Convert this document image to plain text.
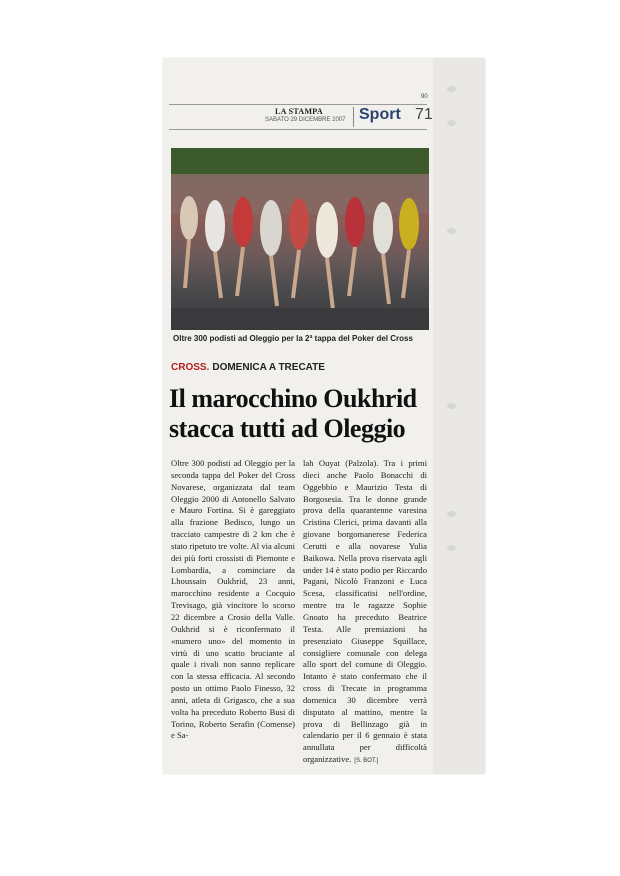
90
LA STAMPA
SABATO 29 DICEMBRE 2007 Sport 71
Oltre 300 podisti ad Oleggio per la 2ª tappa del Poker del Cross
CROSS. DOMENICA A TRECATE
Il marocchino Oukhrid
stacca tutti ad Oleggio
Oltre 300 podisti ad Oleggio per la seconda tappa del Poker del Cross Novarese, organizzata dal team Oleggio 2000 di Antonello Salvato e Mauro Fortina. Si è gareggiato alla frazione Bedisco, lungo un tracciato campestre di 2 km che è stato ripetuto tre volte. Al via alcuni dei più forti crossisti di Piemonte e Lombardia, a cominciare da Lhoussain Oukhrid, 23 anni, marocchino residente a Cocquio Trevisago, già vincitore lo scorso 22 dicembre a Crosio della Valle. Oukhrid si è riconfermato il «numero uno» del momento in virtù di uno scatto bruciante al quale i rivali non sanno replicare con la stessa efficacia. Al secondo posto un ottimo Paolo Finesso, 32 anni, atleta di Grigasco, che a sua volta ha preceduto Roberto Busi di Torino, Roberto Serafin (Comense) e Sa-
lah Ouyat (Palzola). Tra i primi dieci anche Paolo Bonacchi di Oggebbio e Maurizio Testa di Borgosesia. Tra le donne grande prova della quarantenne varesina Cristina Clerici, prima davanti alla giovane borgomanerese Federica Cerutti e alla novarese Yulia Baikowa. Nella prova riservata agli under 14 è stato podio per Riccardo Pagani, Nicolò Franzoni e Luca Scesa, classificatisi nell'ordine, mentre tra le ragazze Sophie Gnoato ha preceduto Beatrice Testa. Alle premiazioni ha presenziato Giuseppe Squillace, consigliere comunale con delega allo sport del comune di Oleggio. Intanto è stato confermato che il cross di Trecate in programma domenica 30 dicembre verrà disputato al mattino, mentre la prova di Bellinzago già in calendario per il 6 gennaio è stata annullata per difficoltà organizzative. [S. BOT.]
